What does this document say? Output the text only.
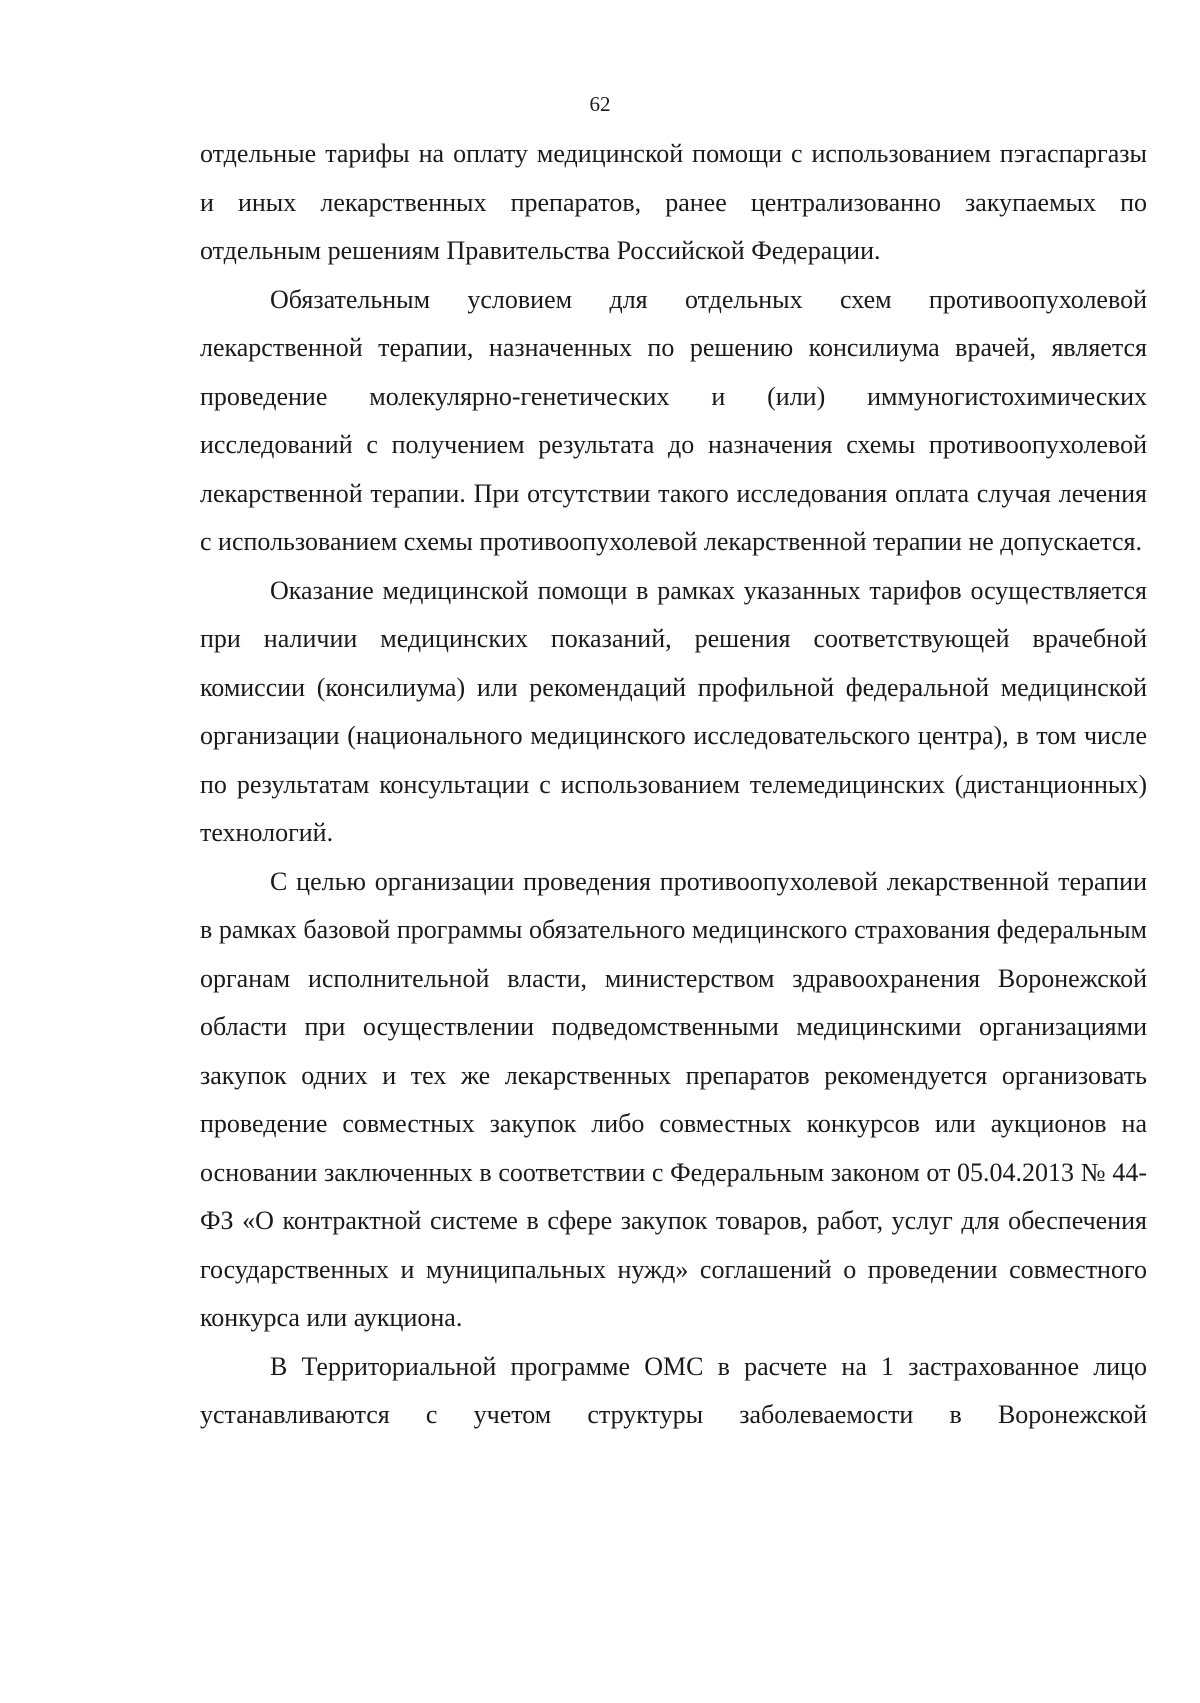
62

отдельные тарифы на оплату медицинской помощи с использованием пэгаспаргазы и иных лекарственных препаратов, ранее централизованно закупаемых по отдельным решениям Правительства Российской Федерации.

Обязательным условием для отдельных схем противоопухолевой лекарственной терапии, назначенных по решению консилиума врачей, является проведение молекулярно-генетических и (или) иммуногистохимических исследований с получением результата до назначения схемы противоопухолевой лекарственной терапии. При отсутствии такого исследования оплата случая лечения с использованием схемы противоопухолевой лекарственной терапии не допускается.

Оказание медицинской помощи в рамках указанных тарифов осуществляется при наличии медицинских показаний, решения соответствующей врачебной комиссии (консилиума) или рекомендаций профильной федеральной медицинской организации (национального медицинского исследовательского центра), в том числе по результатам консультации с использованием телемедицинских (дистанционных) технологий.

С целью организации проведения противоопухолевой лекарственной терапии в рамках базовой программы обязательного медицинского страхования федеральным органам исполнительной власти, министерством здравоохранения Воронежской области при осуществлении подведомственными медицинскими организациями закупок одних и тех же лекарственных препаратов рекомендуется организовать проведение совместных закупок либо совместных конкурсов или аукционов на основании заключенных в соответствии с Федеральным законом от 05.04.2013 № 44-ФЗ «О контрактной системе в сфере закупок товаров, работ, услуг для обеспечения государственных и муниципальных нужд» соглашений о проведении совместного конкурса или аукциона.

В Территориальной программе ОМС в расчете на 1 застрахованное лицо устанавливаются с учетом структуры заболеваемости в Воронежской
